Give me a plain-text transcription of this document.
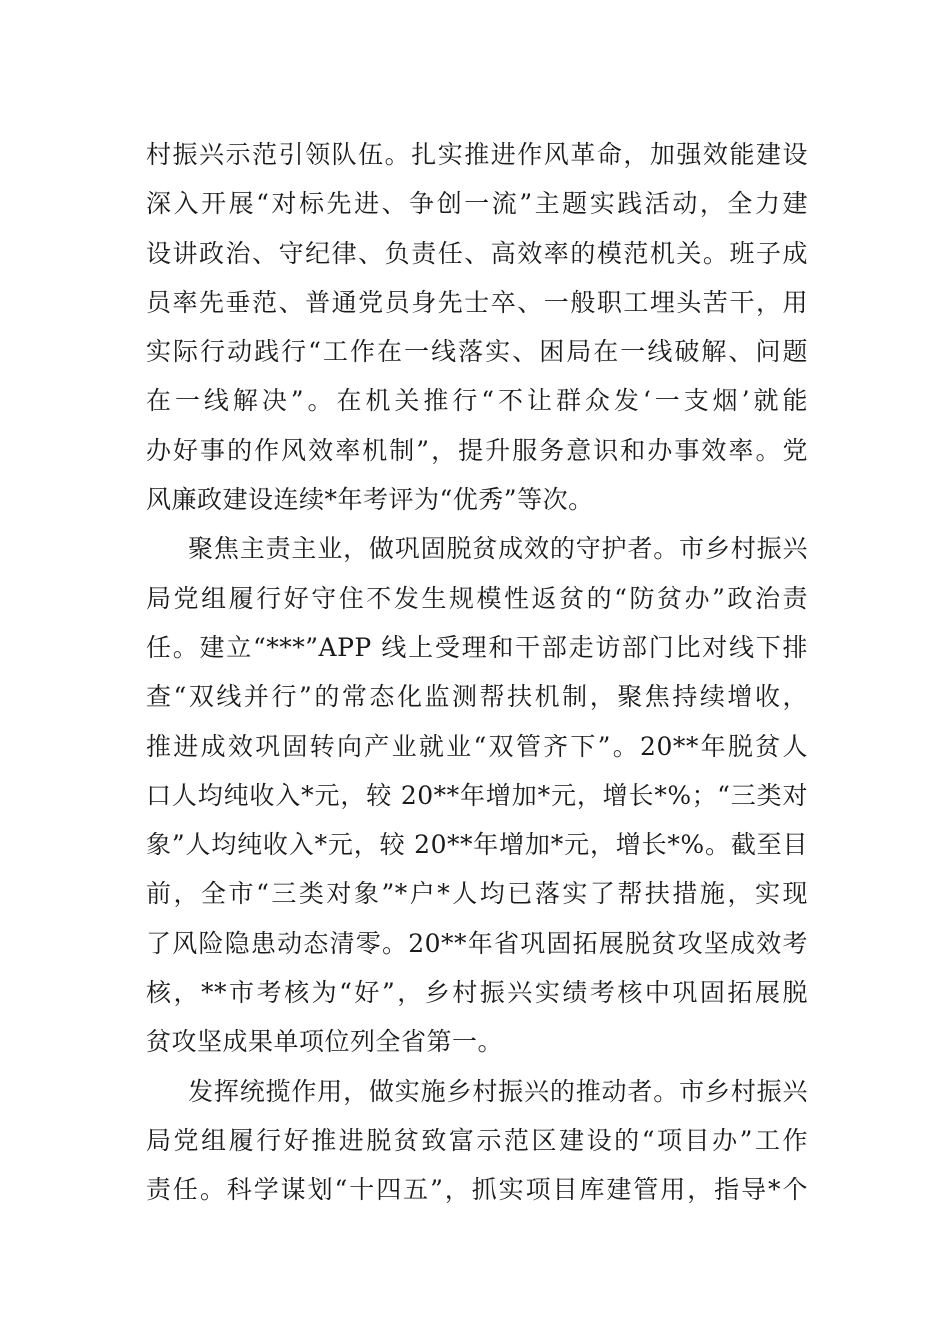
村振兴示范引领队伍。扎实推进作风革命，加强效能建设
深入开展“对标先进、争创一流”主题实践活动，全力建
设讲政治、守纪律、负责任、高效率的模范机关。班子成
员率先垂范、普通党员身先士卒、一般职工埋头苦干，用
实际行动践行“工作在一线落实、困局在一线破解、问题
在一线解决”。在机关推行“不让群众发‘一支烟’就能
办好事的作风效率机制”，提升服务意识和办事效率。党
风廉政建设连续*年考评为“优秀”等次。
聚焦主责主业，做巩固脱贫成效的守护者。市乡村振兴
局党组履行好守住不发生规模性返贫的“防贫办”政治责
任。建立“***”APP 线上受理和干部走访部门比对线下排
查“双线并行”的常态化监测帮扶机制，聚焦持续增收，
推进成效巩固转向产业就业“双管齐下”。20**年脱贫人
口人均纯收入*元，较 20**年增加*元，增长*%；“三类对
象”人均纯收入*元，较 20**年增加*元，增长*%。截至目
前，全市“三类对象”*户*人均已落实了帮扶措施，实现
了风险隐患动态清零。20**年省巩固拓展脱贫攻坚成效考
核，**市考核为“好”，乡村振兴实绩考核中巩固拓展脱
贫攻坚成果单项位列全省第一。
发挥统揽作用，做实施乡村振兴的推动者。市乡村振兴
局党组履行好推进脱贫致富示范区建设的“项目办”工作
责任。科学谋划“十四五”，抓实项目库建管用，指导*个
